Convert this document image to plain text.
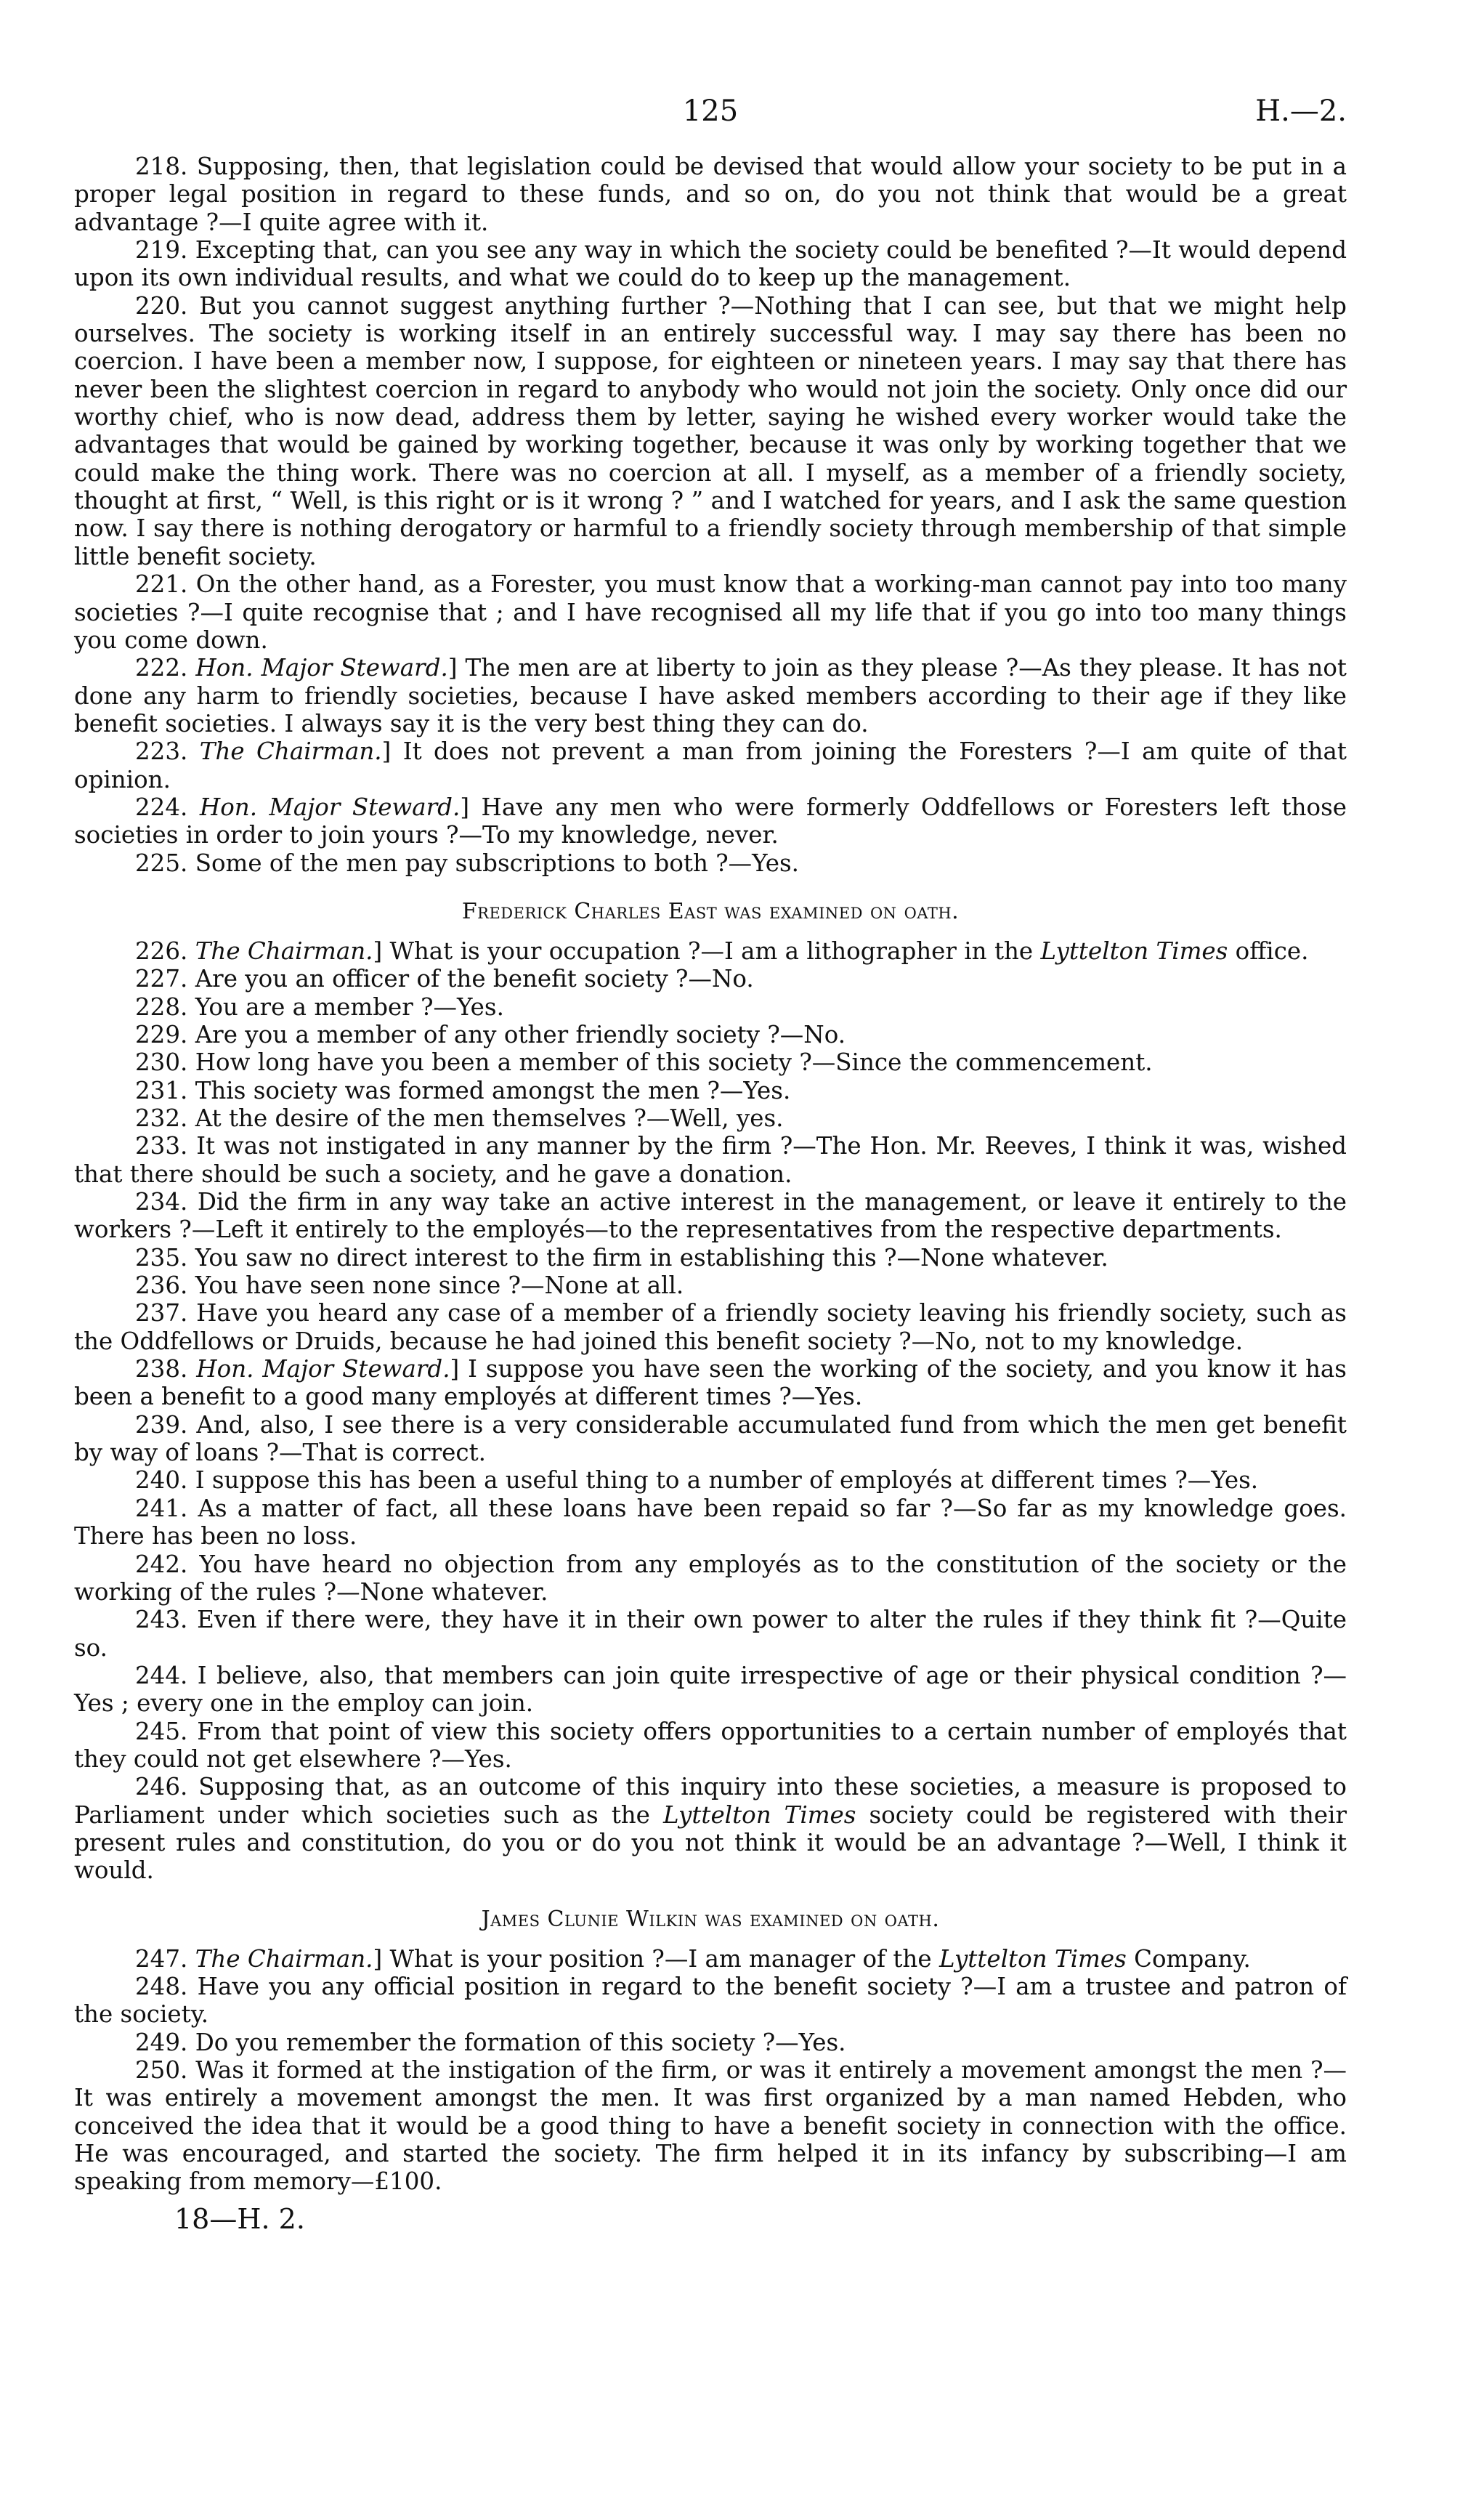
125	H.—2.

218. Supposing, then, that legislation could be devised that would allow your society to be put in a proper legal position in regard to these funds, and so on, do you not think that would be a great advantage ?—I quite agree with it.

219. Excepting that, can you see any way in which the society could be benefited ?—It would depend upon its own individual results, and what we could do to keep up the management.

220. But you cannot suggest anything further ?—Nothing that I can see, but that we might help ourselves. The society is working itself in an entirely successful way. I may say there has been no coercion. I have been a member now, I suppose, for eighteen or nineteen years. I may say that there has never been the slightest coercion in regard to anybody who would not join the society. Only once did our worthy chief, who is now dead, address them by letter, saying he wished every worker would take the advantages that would be gained by working together, because it was only by working together that we could make the thing work. There was no coercion at all. I myself, as a member of a friendly society, thought at first, “ Well, is this right or is it wrong ? ” and I watched for years, and I ask the same question now. I say there is nothing derogatory or harmful to a friendly society through membership of that simple little benefit society.

221. On the other hand, as a Forester, you must know that a working-man cannot pay into too many societies ?—I quite recognise that ; and I have recognised all my life that if you go into too many things you come down.

222. Hon. Major Steward.] The men are at liberty to join as they please ?—As they please. It has not done any harm to friendly societies, because I have asked members according to their age if they like benefit societies. I always say it is the very best thing they can do.

223. The Chairman.] It does not prevent a man from joining the Foresters ?—I am quite of that opinion.

224. Hon. Major Steward.] Have any men who were formerly Oddfellows or Foresters left those societies in order to join yours ?—To my knowledge, never.

225. Some of the men pay subscriptions to both ?—Yes.

Frederick Charles East was examined on oath.

226. The Chairman.] What is your occupation ?—I am a lithographer in the Lyttelton Times office.

227. Are you an officer of the benefit society ?—No.

228. You are a member ?—Yes.

229. Are you a member of any other friendly society ?—No.

230. How long have you been a member of this society ?—Since the commencement.

231. This society was formed amongst the men ?—Yes.

232. At the desire of the men themselves ?—Well, yes.

233. It was not instigated in any manner by the firm ?—The Hon. Mr. Reeves, I think it was, wished that there should be such a society, and he gave a donation.

234. Did the firm in any way take an active interest in the management, or leave it entirely to the workers ?—Left it entirely to the employés—to the representatives from the respective departments.

235. You saw no direct interest to the firm in establishing this ?—None whatever.

236. You have seen none since ?—None at all.

237. Have you heard any case of a member of a friendly society leaving his friendly society, such as the Oddfellows or Druids, because he had joined this benefit society ?—No, not to my knowledge.

238. Hon. Major Steward.] I suppose you have seen the working of the society, and you know it has been a benefit to a good many employés at different times ?—Yes.

239. And, also, I see there is a very considerable accumulated fund from which the men get benefit by way of loans ?—That is correct.

240. I suppose this has been a useful thing to a number of employés at different times ?—Yes.

241. As a matter of fact, all these loans have been repaid so far ?—So far as my knowledge goes. There has been no loss.

242. You have heard no objection from any employés as to the constitution of the society or the working of the rules ?—None whatever.

243. Even if there were, they have it in their own power to alter the rules if they think fit ?—Quite so.

244. I believe, also, that members can join quite irrespective of age or their physical condition ?—Yes ; every one in the employ can join.

245. From that point of view this society offers opportunities to a certain number of employés that they could not get elsewhere ?—Yes.

246. Supposing that, as an outcome of this inquiry into these societies, a measure is proposed to Parliament under which societies such as the Lyttelton Times society could be registered with their present rules and constitution, do you or do you not think it would be an advantage ?—Well, I think it would.

James Clunie Wilkin was examined on oath.

247. The Chairman.] What is your position ?—I am manager of the Lyttelton Times Company.

248. Have you any official position in regard to the benefit society ?—I am a trustee and patron of the society.

249. Do you remember the formation of this society ?—Yes.

250. Was it formed at the instigation of the firm, or was it entirely a movement amongst the men ?—It was entirely a movement amongst the men. It was first organized by a man named Hebden, who conceived the idea that it would be a good thing to have a benefit society in connection with the office. He was encouraged, and started the society. The firm helped it in its infancy by subscribing—I am speaking from memory—£100.

18—H. 2.
